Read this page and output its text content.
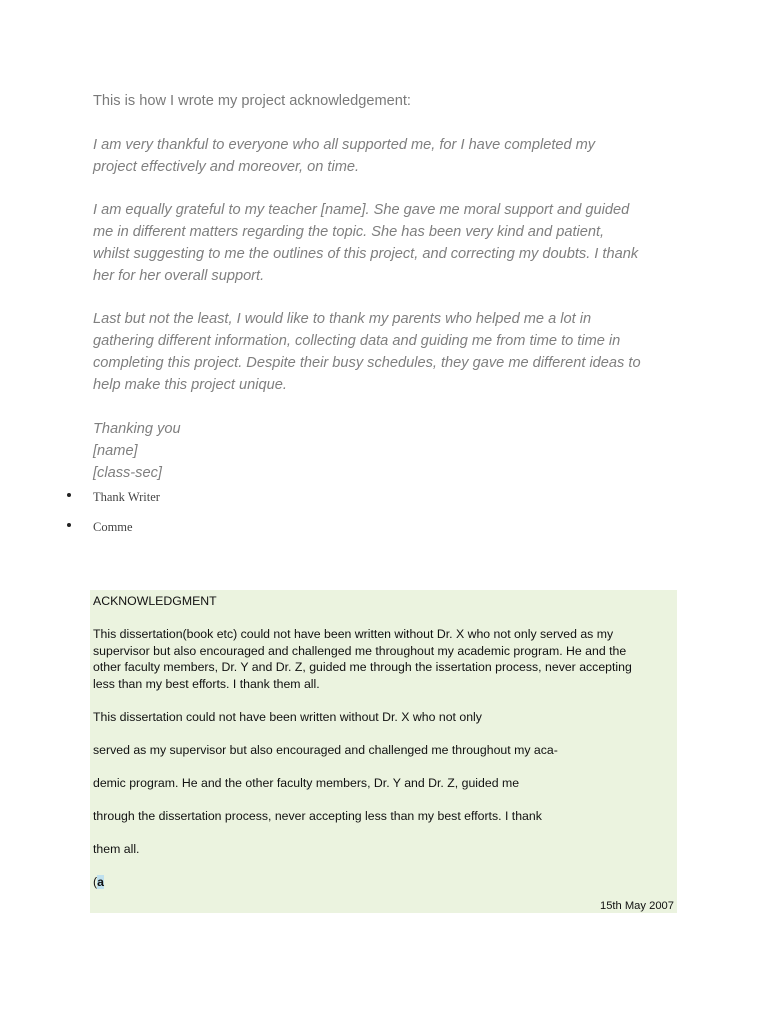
This is how I wrote my project acknowledgement:

I am very thankful to everyone who all supported me, for I have completed my
project effectively and moreover, on time.

I am equally grateful to my teacher [name]. She gave me moral support and guided
me in different matters regarding the topic. She has been very kind and patient,
whilst suggesting to me the outlines of this project, and correcting my doubts. I thank
her for her overall support.

Last but not the least, I would like to thank my parents who helped me a lot in
gathering different information, collecting data and guiding me from time to time in
completing this project. Despite their busy schedules, they gave me different ideas to
help make this project unique.

Thanking you
[name]
[class-sec]

Thank Writer
Comme
ACKNOWLEDGMENT
This dissertation(book etc) could not have been written without Dr. X who not only served as my
supervisor but also encouraged and challenged me throughout my academic program. He and the
other faculty members, Dr. Y and Dr. Z, guided me through the issertation process, never accepting
less than my best efforts. I thank them all.
This dissertation could not have been written without Dr. X who not only
served as my supervisor but also encouraged and challenged me throughout my aca-
demic program. He and the other faculty members, Dr. Y and Dr. Z, guided me
through the dissertation process, never accepting less than my best efforts. I thank
them all.
(a
15th May 2007
